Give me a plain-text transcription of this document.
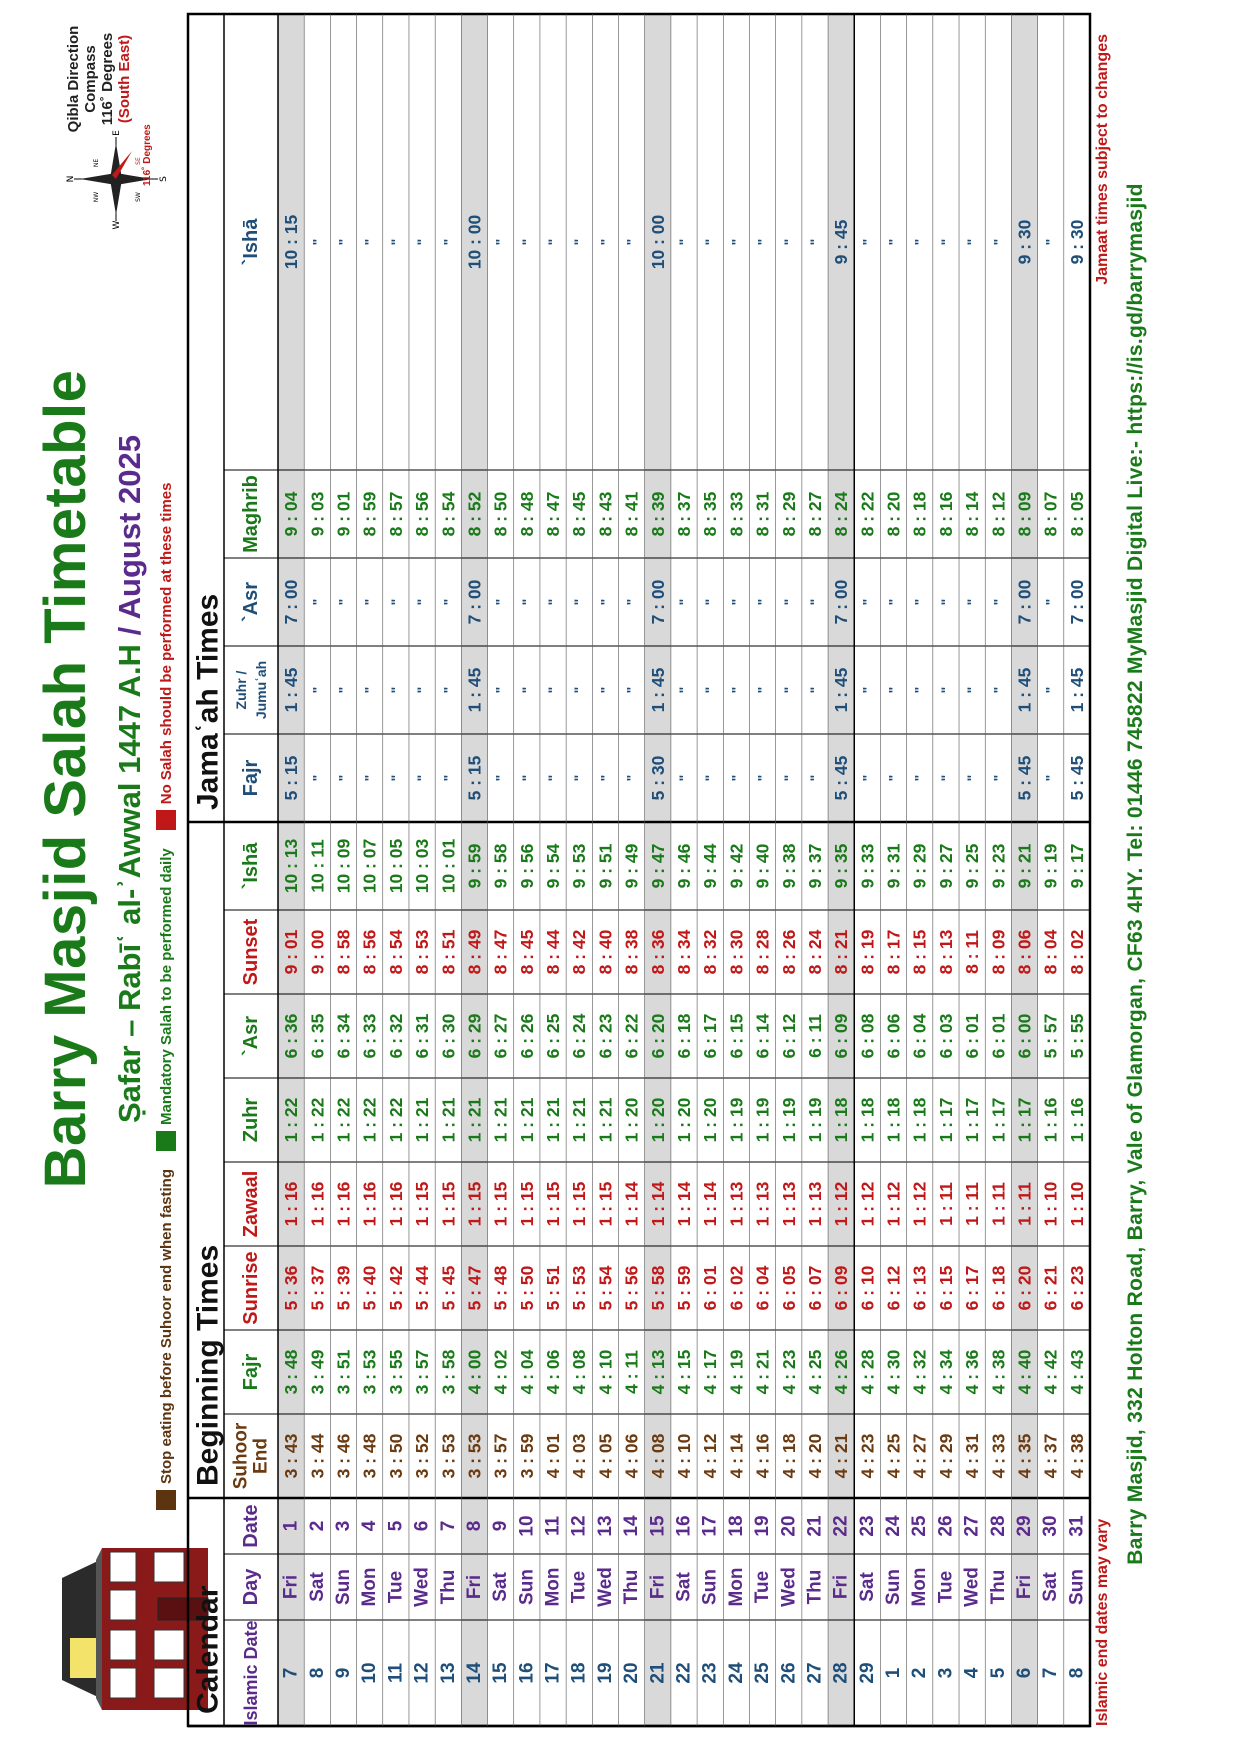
Barry Masjid Salah Timetable Ṣafar – Rabīʿ al-ʾAwwal 1447 A.H / August 2025
Stop eating before Suhoor end when fasting
Mandatory Salah to be performed daily
No Salah should be performed at these times
N	S
E
W
NE
NW
SE
SW
Qibla Direction Compass 116˚ Degrees (South East)
116˚ Degrees
Calendar
Beginning Times
Jamaʿah Times
Islamic Date
Day
Date
Suhoor End
Fajr
Sunrise
Zawaal
Zuhr
`Asr
Sunset
`Ishā
Fajr
Zuhr / Jumuʿah
`Asr
Maghrib
`Ishā
7
Fri
1
3 : 43
3 : 48
5 : 36
1 : 16
1 : 22
6 : 36
9 : 01
10 : 13
5 : 15
1 : 45
7 : 00
9 : 04
10 : 15
8
Sat
2
3 : 44
3 : 49
5 : 37
1 : 16
1 : 22
6 : 35
9 : 00
10 : 11
"
"
"
9 : 03
"
9
Sun
3
3 : 46
3 : 51
5 : 39
1 : 16
1 : 22
6 : 34
8 : 58
10 : 09
"
"
"
9 : 01
"
10
Mon
4
3 : 48
3 : 53
5 : 40
1 : 16
1 : 22
6 : 33
8 : 56
10 : 07
"
"
"
8 : 59
"
11
Tue
5
3 : 50
3 : 55
5 : 42
1 : 16
1 : 22
6 : 32
8 : 54
10 : 05
"
"
"
8 : 57
"
12
Wed
6
3 : 52
3 : 57
5 : 44
1 : 15
1 : 21
6 : 31
8 : 53
10 : 03
"
"
"
8 : 56
"
13
Thu
7
3 : 53
3 : 58
5 : 45
1 : 15
1 : 21
6 : 30
8 : 51
10 : 01
"
"
"
8 : 54
"
14
Fri
8
3 : 53
4 : 00
5 : 47
1 : 15
1 : 21
6 : 29
8 : 49
9 : 59
5 : 15
1 : 45
7 : 00
8 : 52
10 : 00
15
Sat
9
3 : 57
4 : 02
5 : 48
1 : 15
1 : 21
6 : 27
8 : 47
9 : 58
"
"
"
8 : 50
"
16
Sun
10
3 : 59
4 : 04
5 : 50
1 : 15
1 : 21
6 : 26
8 : 45
9 : 56
"
"
"
8 : 48
"
17
Mon
11
4 : 01
4 : 06
5 : 51
1 : 15
1 : 21
6 : 25
8 : 44
9 : 54
"
"
"
8 : 47
"
18
Tue
12
4 : 03
4 : 08
5 : 53
1 : 15
1 : 21
6 : 24
8 : 42
9 : 53
"
"
"
8 : 45
"
19
Wed
13
4 : 05
4 : 10
5 : 54
1 : 15
1 : 21
6 : 23
8 : 40
9 : 51
"
"
"
8 : 43
"
20
Thu
14
4 : 06
4 : 11
5 : 56
1 : 14
1 : 20
6 : 22
8 : 38
9 : 49
"
"
"
8 : 41
"
21
Fri
15
4 : 08
4 : 13
5 : 58
1 : 14
1 : 20
6 : 20
8 : 36
9 : 47
5 : 30
1 : 45
7 : 00
8 : 39
10 : 00
22
Sat
16
4 : 10
4 : 15
5 : 59
1 : 14
1 : 20
6 : 18
8 : 34
9 : 46
"
"
"
8 : 37
"
23
Sun
17
4 : 12
4 : 17
6 : 01
1 : 14
1 : 20
6 : 17
8 : 32
9 : 44
"
"
"
8 : 35
"
24
Mon
18
4 : 14
4 : 19
6 : 02
1 : 13
1 : 19
6 : 15
8 : 30
9 : 42
"
"
"
8 : 33
"
25
Tue
19
4 : 16
4 : 21
6 : 04
1 : 13
1 : 19
6 : 14
8 : 28
9 : 40
"
"
"
8 : 31
"
26
Wed
20
4 : 18
4 : 23
6 : 05
1 : 13
1 : 19
6 : 12
8 : 26
9 : 38
"
"
"
8 : 29
"
27
Thu
21
4 : 20
4 : 25
6 : 07
1 : 13
1 : 19
6 : 11
8 : 24
9 : 37
"
"
"
8 : 27
"
28
Fri
22
4 : 21
4 : 26
6 : 09
1 : 12
1 : 18
6 : 09
8 : 21
9 : 35
5 : 45
1 : 45
7 : 00
8 : 24
9 : 45
29
Sat
23
4 : 23
4 : 28
6 : 10
1 : 12
1 : 18
6 : 08
8 : 19
9 : 33
"
"
"
8 : 22
"
1
Sun
24
4 : 25
4 : 30
6 : 12
1 : 12
1 : 18
6 : 06
8 : 17
9 : 31
"
"
"
8 : 20
"
2
Mon
25
4 : 27
4 : 32
6 : 13
1 : 12
1 : 18
6 : 04
8 : 15
9 : 29
"
"
"
8 : 18
"
3
Tue
26
4 : 29
4 : 34
6 : 15
1 : 11
1 : 17
6 : 03
8 : 13
9 : 27
"
"
"
8 : 16
"
4
Wed
27
4 : 31
4 : 36
6 : 17
1 : 11
1 : 17
6 : 01
8 : 11
9 : 25
"
"
"
8 : 14
"
5
Thu
28
4 : 33
4 : 38
6 : 18
1 : 11
1 : 17
6 : 01
8 : 09
9 : 23
"
"
"
8 : 12
"
6
Fri
29
4 : 35
4 : 40
6 : 20
1 : 11
1 : 17
6 : 00
8 : 06
9 : 21
5 : 45
1 : 45
7 : 00
8 : 09
9 : 30
7
Sat
30
4 : 37
4 : 42
6 : 21
1 : 10
1 : 16
5 : 57
8 : 04
9 : 19
"
"
"
8 : 07
"
8
Sun
31
4 : 38
4 : 43
6 : 23
1 : 10
1 : 16
5 : 55
8 : 02
9 : 17
5 : 45
1 : 45
7 : 00
8 : 05
9 : 30
Islamic end dates may vary
Jamaat times subject to changes
Barry Masjid, 332 Holton Road, Barry, Vale of Glamorgan, CF63 4HY. Tel: 01446 745822 MyMasjid Digital Live:- https://is.gd/barrymasjid
